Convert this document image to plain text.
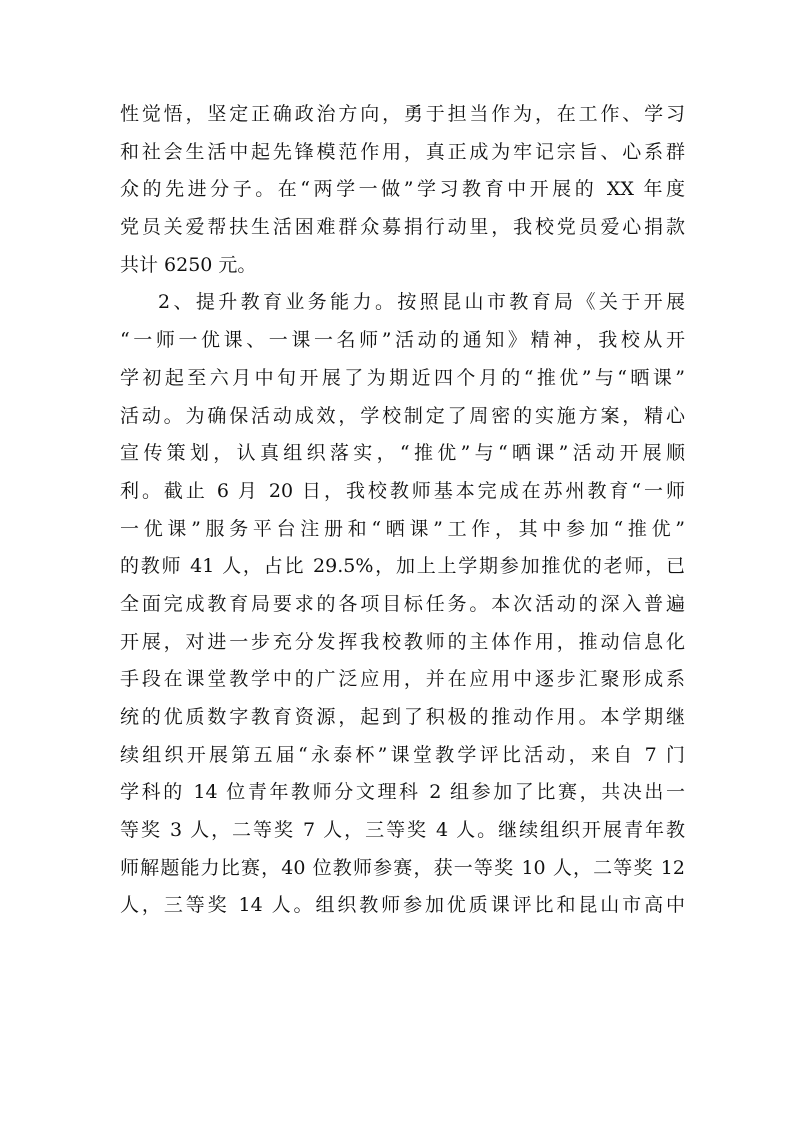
性觉悟，坚定正确政治方向，勇于担当作为，在工作、学习
和社会生活中起先锋模范作用，真正成为牢记宗旨、心系群
众的先进分子。在“两学一做”学习教育中开展的 XX 年度
党员关爱帮扶生活困难群众募捐行动里，我校党员爱心捐款
共计 6250 元。
2、提升教育业务能力。按照昆山市教育局《关于开展
“一师一优课、一课一名师”活动的通知》精神，我校从开
学初起至六月中旬开展了为期近四个月的“推优”与“晒课”
活动。为确保活动成效，学校制定了周密的实施方案，精心
宣传策划，认真组织落实，“推优”与“晒课”活动开展顺
利。截止 6 月 20 日，我校教师基本完成在苏州教育“一师
一优课”服务平台注册和“晒课”工作，其中参加“推优”
的教师 41 人，占比 29.5%，加上上学期参加推优的老师，已
全面完成教育局要求的各项目标任务。本次活动的深入普遍
开展，对进一步充分发挥我校教师的主体作用，推动信息化
手段在课堂教学中的广泛应用，并在应用中逐步汇聚形成系
统的优质数字教育资源，起到了积极的推动作用。本学期继
续组织开展第五届“永泰杯”课堂教学评比活动，来自 7 门
学科的 14 位青年教师分文理科 2 组参加了比赛，共决出一
等奖 3 人，二等奖 7 人，三等奖 4 人。继续组织开展青年教
师解题能力比赛，40 位教师参赛，获一等奖 10 人，二等奖 12
人，三等奖 14 人。组织教师参加优质课评比和昆山市高中
